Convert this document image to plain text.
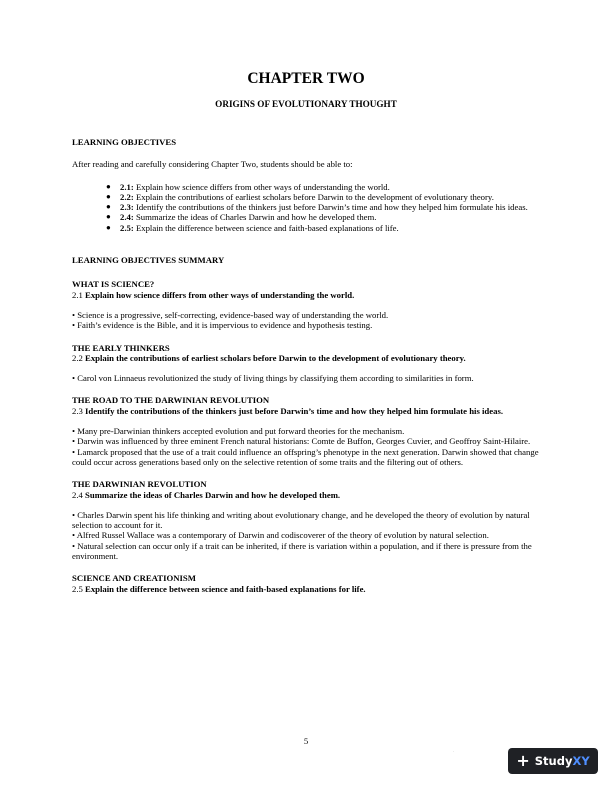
CHAPTER TWO
ORIGINS OF EVOLUTIONARY THOUGHT

LEARNING OBJECTIVES

After reading and carefully considering Chapter Two, students should be able to:

● 2.1: Explain how science differs from other ways of understanding the world.
● 2.2: Explain the contributions of earliest scholars before Darwin to the development of evolutionary theory.
● 2.3: Identify the contributions of the thinkers just before Darwin’s time and how they helped him formulate his ideas.
● 2.4: Summarize the ideas of Charles Darwin and how he developed them.
● 2.5: Explain the difference between science and faith-based explanations of life.

LEARNING OBJECTIVES SUMMARY

WHAT IS SCIENCE?

2.1 Explain how science differs from other ways of understanding the world.

• Science is a progressive, self-correcting, evidence-based way of understanding the world.

• Faith’s evidence is the Bible, and it is impervious to evidence and hypothesis testing.

THE EARLY THINKERS

2.2 Explain the contributions of earliest scholars before Darwin to the development of evolutionary theory.

• Carol von Linnaeus revolutionized the study of living things by classifying them according to similarities in form.

THE ROAD TO THE DARWINIAN REVOLUTION

2.3 Identify the contributions of the thinkers just before Darwin’s time and how they helped him formulate his ideas.

• Many pre-Darwinian thinkers accepted evolution and put forward theories for the mechanism.

• Darwin was influenced by three eminent French natural historians: Comte de Buffon, Georges Cuvier, and Geoffroy Saint-Hilaire.

• Lamarck proposed that the use of a trait could influence an offspring’s phenotype in the next generation. Darwin showed that change could occur across generations based only on the selective retention of some traits and the filtering out of others.

THE DARWINIAN REVOLUTION

2.4 Summarize the ideas of Charles Darwin and how he developed them.

• Charles Darwin spent his life thinking and writing about evolutionary change, and he developed the theory of evolution by natural selection to account for it.

• Alfred Russel Wallace was a contemporary of Darwin and codiscoverer of the theory of evolution by natural selection.

• Natural selection can occur only if a trait can be inherited, if there is variation within a population, and if there is pressure from the environment.

SCIENCE AND CREATIONISM

2.5 Explain the difference between science and faith-based explanations for life.

5
.
+ Study XY
